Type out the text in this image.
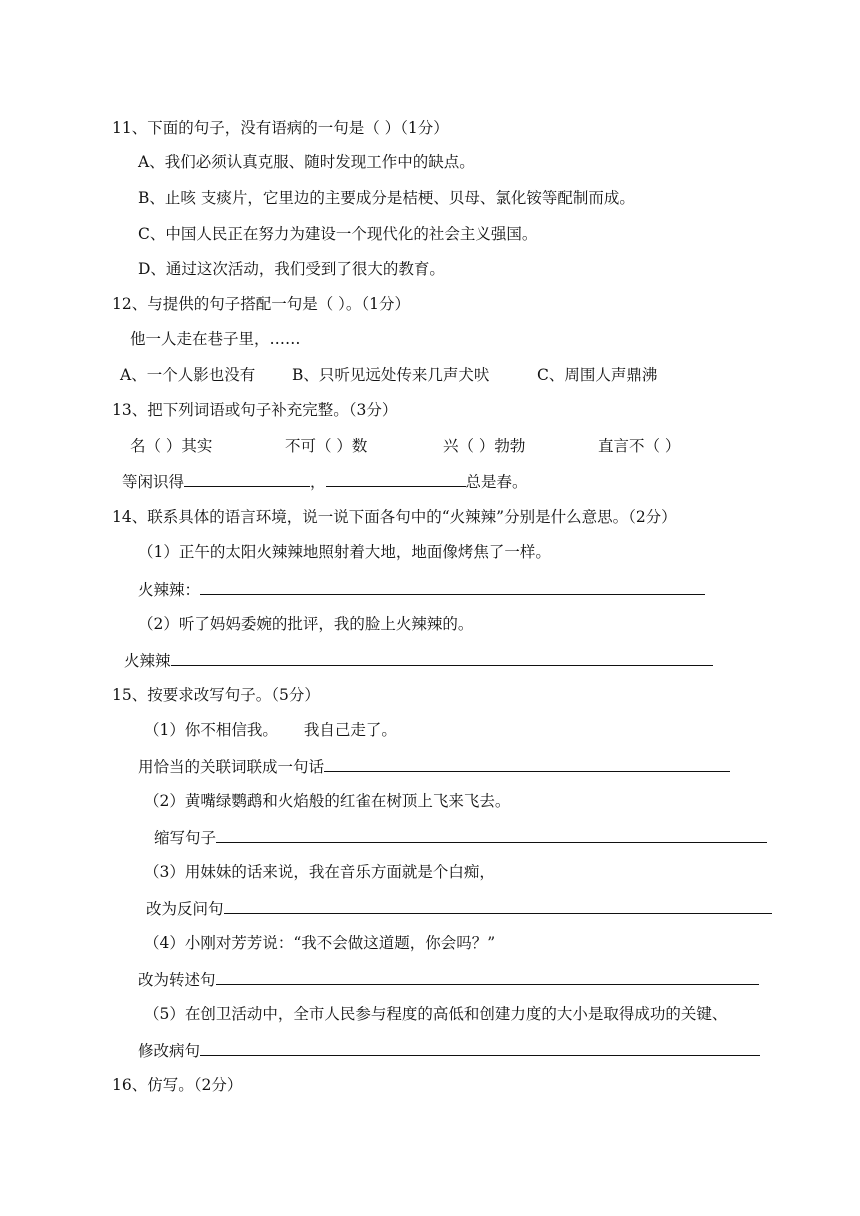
11、下面的句子，没有语病的一句是（ ）（1分）
A、我们必须认真克服、随时发现工作中的缺点。
B、止咳 支痰片，它里边的主要成分是桔梗、贝母、氯化铵等配制而成。
C、中国人民正在努力为建设一个现代化的社会主义强国。
D、通过这次活动，我们受到了很大的教育。
12、与提供的句子搭配一句是（ ）。（1分）
他一人走在巷子里，……
A、一个人影也没有 B、只听见远处传来几声犬吠	C、周围人声鼎沸
13、把下列词语或句子补充完整。（3分）
名（ ）其实	不可（ ）数	兴（ ）勃勃	直言不（ ）
等闲识得	，	总是春。
14、联系具体的语言环境，说一说下面各句中的“火辣辣”分别是什么意思。（2分）
（1）正午的太阳火辣辣地照射着大地，地面像烤焦了一样。
火辣辣：
（2）听了妈妈委婉的批评，我的脸上火辣辣的。
火辣辣
15、按要求改写句子。（5分）
（1）你不相信我。 我自己走了。
用恰当的关联词联成一句话
（2）黄嘴绿鹦鹉和火焰般的红雀在树顶上飞来飞去。
缩写句子
（3）用妹妹的话来说，我在音乐方面就是个白痴，
改为反问句
（4）小刚对芳芳说：“我不会做这道题，你会吗？”
改为转述句
（5）在创卫活动中，全市人民参与程度的高低和创建力度的大小是取得成功的关键、
修改病句
16、仿写。（2分）
